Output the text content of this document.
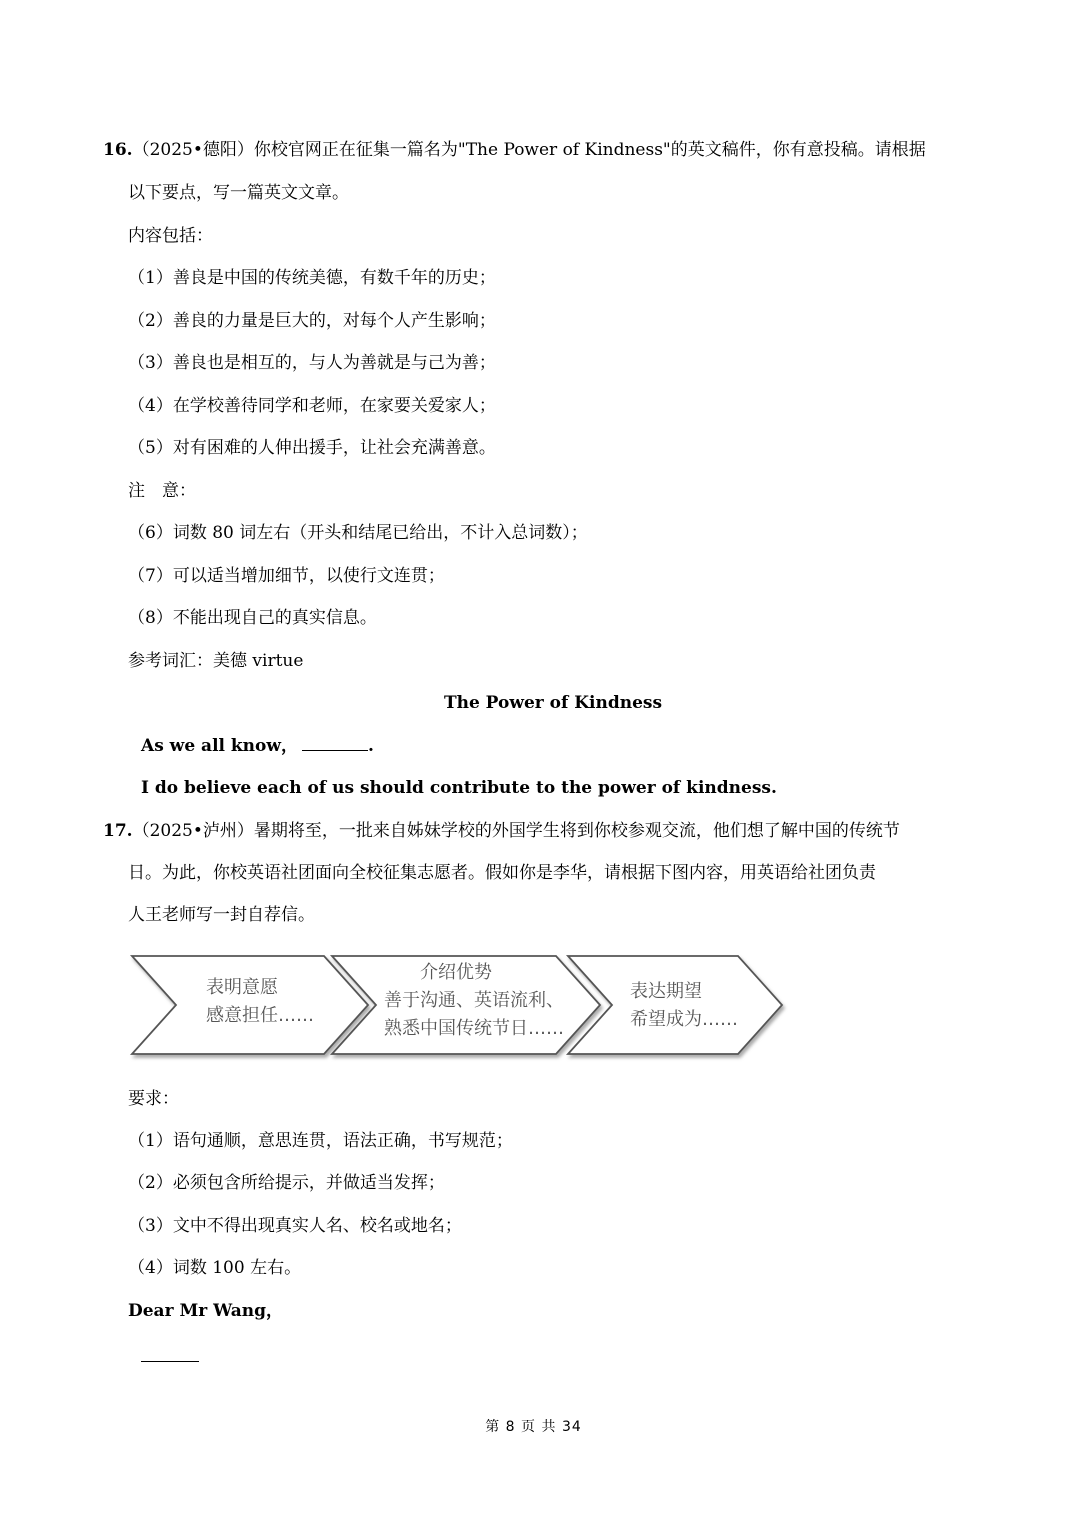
16.（2025•德阳）你校官网正在征集一篇名为"The Power of Kindness"的英文稿件，你有意投稿。请根据
以下要点，写一篇英文文章。
内容包括：
（1）善良是中国的传统美德，有数千年的历史；
（2）善良的力量是巨大的，对每个人产生影响；
（3）善良也是相互的，与人为善就是与己为善；
（4）在学校善待同学和老师，在家要关爱家人；
（5）对有困难的人伸出援手，让社会充满善意。
注　意：
（6）词数 80 词左右（开头和结尾已给出，不计入总词数）；
（7）可以适当增加细节，以使行文连贯；
（8）不能出现自己的真实信息。
参考词汇：美德 virtue
The Power of Kindness
As we all know，	.
I do believe each of us should contribute to the power of kindness.
17.（2025•泸州）暑期将至，一批来自姊妹学校的外国学生将到你校参观交流，他们想了解中国的传统节
日。为此，你校英语社团面向全校征集志愿者。假如你是李华，请根据下图内容，用英语给社团负责
人王老师写一封自荐信。
表明意愿
感意担任……
介绍优势
善于沟通、英语流利、
熟悉中国传统节日……
表达期望
希望成为……
要求：
（1）语句通顺，意思连贯，语法正确，书写规范；
（2）必须包含所给提示，并做适当发挥；
（3）文中不得出现真实人名、校名或地名；
（4）词数 100 左右。
Dear Mr Wang，
第 8 页 共 34
